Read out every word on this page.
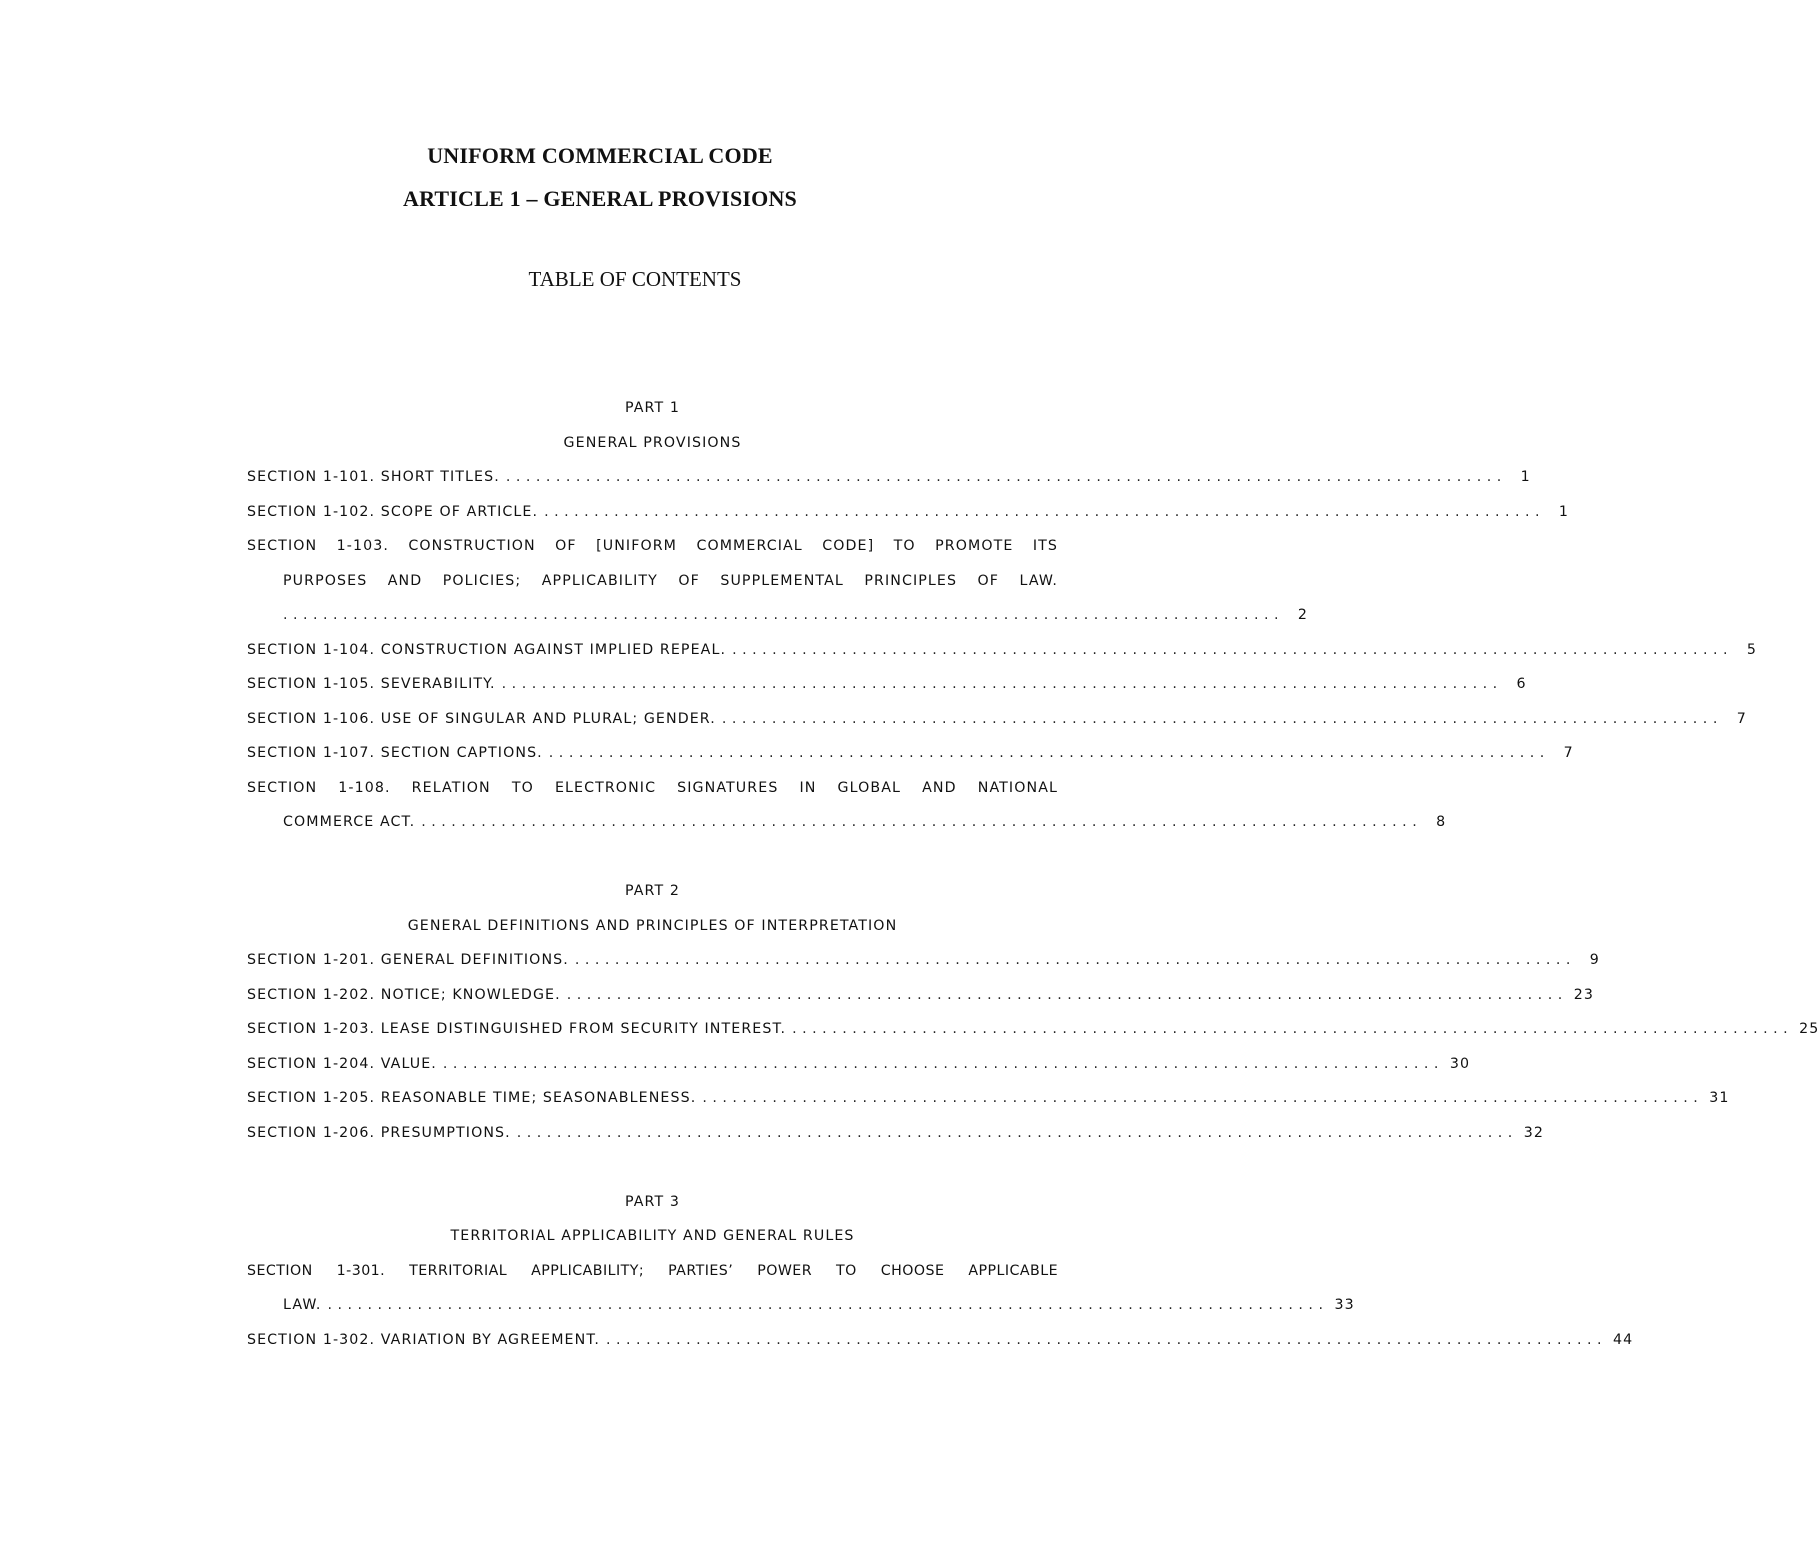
UNIFORM COMMERCIAL CODE
ARTICLE 1 – GENERAL PROVISIONS
TABLE OF CONTENTS
PART 1
GENERAL PROVISIONS
SECTION 1-101. SHORT TITLES. .................................................................................................... 1
SECTION 1-102. SCOPE OF ARTICLE. .................................................................................................... 1
SECTION 1-103. CONSTRUCTION OF [UNIFORM COMMERCIAL CODE] TO PROMOTE ITS
PURPOSES AND POLICIES; APPLICABILITY OF SUPPLEMENTAL PRINCIPLES OF LAW.
.................................................................................................... 2
SECTION 1-104. CONSTRUCTION AGAINST IMPLIED REPEAL. .................................................................................................... 5
SECTION 1-105. SEVERABILITY. .................................................................................................... 6
SECTION 1-106. USE OF SINGULAR AND PLURAL; GENDER. .................................................................................................... 7
SECTION 1-107. SECTION CAPTIONS. .................................................................................................... 7
SECTION 1-108. RELATION TO ELECTRONIC SIGNATURES IN GLOBAL AND NATIONAL
COMMERCE ACT. .................................................................................................... 8
PART 2
GENERAL DEFINITIONS AND PRINCIPLES OF INTERPRETATION
SECTION 1-201. GENERAL DEFINITIONS. .................................................................................................... 9
SECTION 1-202. NOTICE; KNOWLEDGE. .................................................................................................... 23
SECTION 1-203. LEASE DISTINGUISHED FROM SECURITY INTEREST. .................................................................................................... 25
SECTION 1-204. VALUE. .................................................................................................... 30
SECTION 1-205. REASONABLE TIME; SEASONABLENESS. .................................................................................................... 31
SECTION 1-206. PRESUMPTIONS. .................................................................................................... 32
PART 3
TERRITORIAL APPLICABILITY AND GENERAL RULES
SECTION 1-301. TERRITORIAL APPLICABILITY; PARTIES’ POWER TO CHOOSE APPLICABLE
LAW. .................................................................................................... 33
SECTION 1-302. VARIATION BY AGREEMENT. .................................................................................................... 44
